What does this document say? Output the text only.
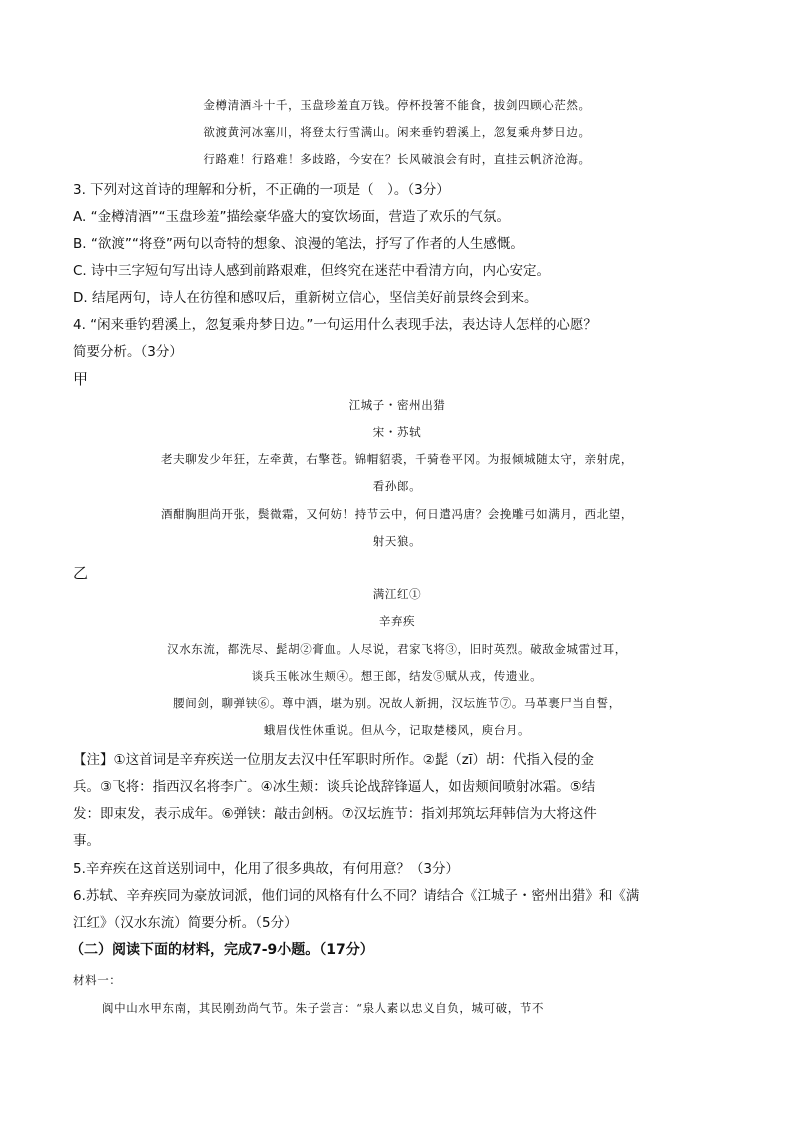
金樽清酒斗十千，玉盘珍羞直万钱。停杯投箸不能食，拔剑四顾心茫然。
欲渡黄河冰塞川，将登太行雪满山。闲来垂钓碧溪上，忽复乘舟梦日边。
行路难！行路难！多歧路，今安在？长风破浪会有时，直挂云帆济沧海。
3. 下列对这首诗的理解和分析，不正确的一项是（　）。（3分）
A. “金樽清酒”“玉盘珍羞”描绘豪华盛大的宴饮场面，营造了欢乐的气氛。
B. “欲渡”“将登”两句以奇特的想象、浪漫的笔法，抒写了作者的人生感慨。
C. 诗中三字短句写出诗人感到前路艰难，但终究在迷茫中看清方向，内心安定。
D. 结尾两句，诗人在彷徨和感叹后，重新树立信心，坚信美好前景终会到来。
4. “闲来垂钓碧溪上，忽复乘舟梦日边。”一句运用什么表现手法，表达诗人怎样的心愿？
简要分析。（3分）
甲
江城子・密州出猎
宋・苏轼
老夫聊发少年狂，左牵黄，右擎苍。锦帽貂裘，千骑卷平冈。为报倾城随太守，亲射虎，
看孙郎。
酒酣胸胆尚开张，鬓微霜，又何妨！持节云中，何日遣冯唐？会挽雕弓如满月，西北望，
射天狼。
乙
满江红①
辛弃疾
汉水东流，都洗尽、髭胡②膏血。人尽说，君家飞将③，旧时英烈。破敌金城雷过耳，
谈兵玉帐冰生颊④。想王郎，结发⑤赋从戎，传遗业。
腰间剑，聊弹铗⑥。尊中酒，堪为别。况故人新拥，汉坛旌节⑦。马革裹尸当自誓，
蛾眉伐性休重说。但从今，记取楚楼风，庾台月。
【注】①这首词是辛弃疾送一位朋友去汉中任军职时所作。②髭（zī）胡：代指入侵的金
兵。③飞将：指西汉名将李广。④冰生颊：谈兵论战辞锋逼人，如齿颊间喷射冰霜。⑤结
发：即束发，表示成年。⑥弹铗：敲击剑柄。⑦汉坛旌节：指刘邦筑坛拜韩信为大将这件
事。
5.辛弃疾在这首送别词中，化用了很多典故，有何用意？（3分）
6.苏轼、辛弃疾同为豪放词派，他们词的风格有什么不同？请结合《江城子・密州出猎》和《满
江红》（汉水东流）简要分析。（5分）
（二）阅读下面的材料，完成7-9小题。（17分）
材料一：
阆中山水甲东南，其民刚劲尚气节。朱子尝言：“泉人素以忠义自负，城可破，节不
